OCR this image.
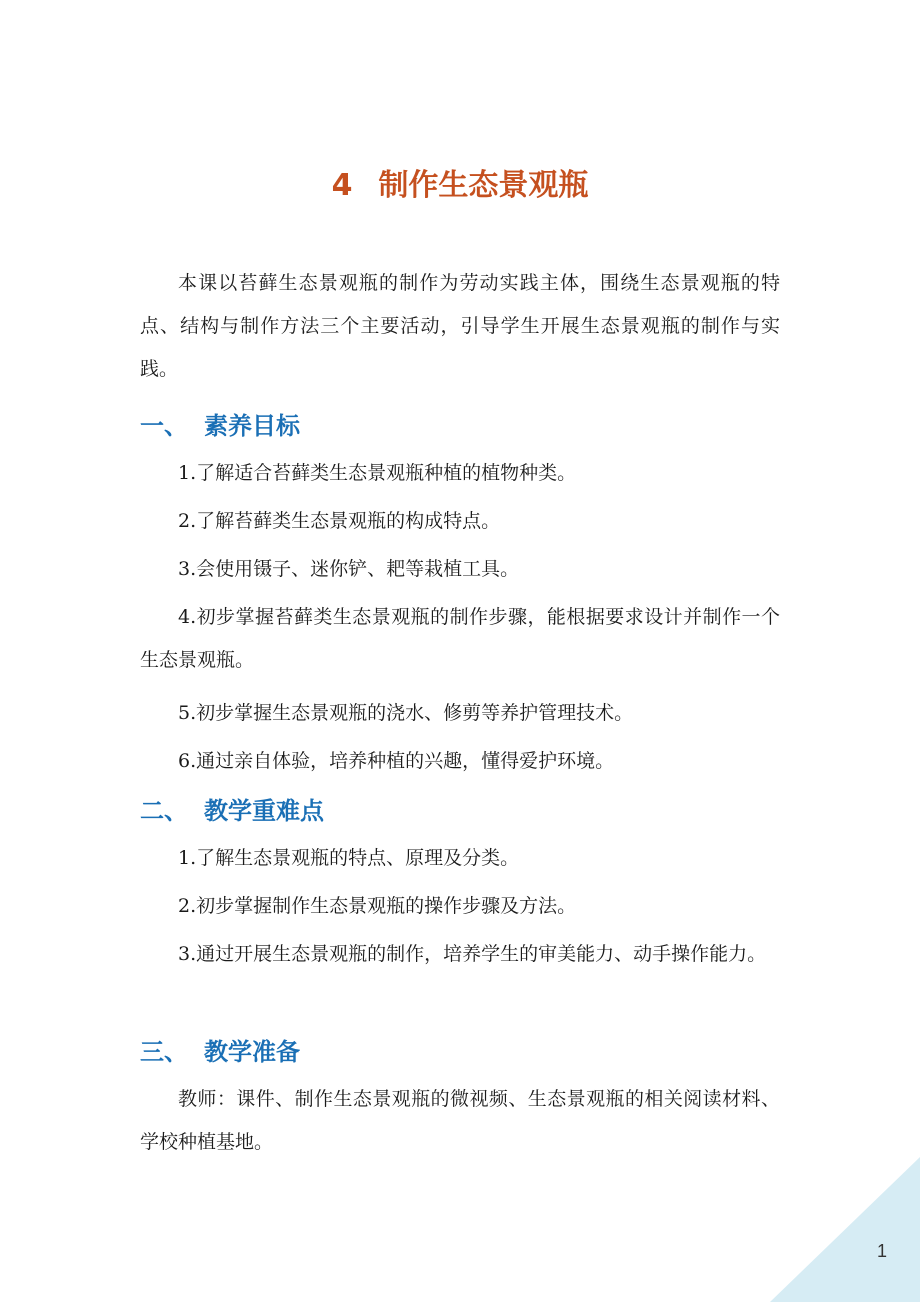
4 制作生态景观瓶

本课以苔藓生态景观瓶的制作为劳动实践主体，围绕生态景观瓶的特点、结构与制作方法三个主要活动，引导学生开展生态景观瓶的制作与实践。

一、 素养目标

1.了解适合苔藓类生态景观瓶种植的植物种类。

2.了解苔藓类生态景观瓶的构成特点。

3.会使用镊子、迷你铲、耙等栽植工具。

4.初步掌握苔藓类生态景观瓶的制作步骤，能根据要求设计并制作一个生态景观瓶。

5.初步掌握生态景观瓶的浇水、修剪等养护管理技术。

6.通过亲自体验，培养种植的兴趣，懂得爱护环境。

二、 教学重难点

1.了解生态景观瓶的特点、原理及分类。

2.初步掌握制作生态景观瓶的操作步骤及方法。

3.通过开展生态景观瓶的制作，培养学生的审美能力、动手操作能力。

三、 教学准备

教师：课件、制作生态景观瓶的微视频、生态景观瓶的相关阅读材料、学校种植基地。

1
